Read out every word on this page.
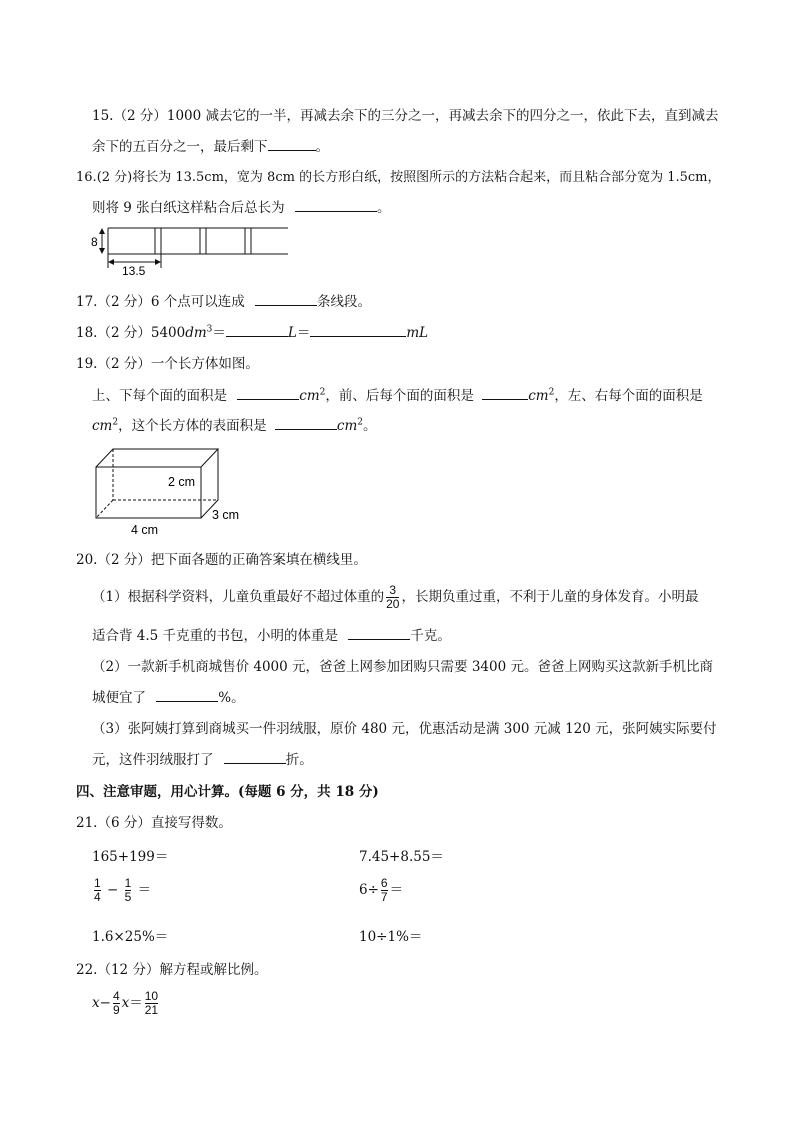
15.（2 分）1000 减去它的一半，再减去余下的三分之一，再减去余下的四分之一，依此下去，直到减去
余下的五百分之一，最后剩下	。
16.(2 分)将长为 13.5cm，宽为 8cm 的长方形白纸，按照图所示的方法粘合起来，而且粘合部分宽为 1.5cm，
则将 9 张白纸这样粘合后总长为	。
8
13.5
17.（2 分）6 个点可以连成	条线段。
18.（2 分）$5400dm^3=$	L＝	mL
19.（2 分）一个长方体如图。
上、下每个面的面积是	$cm^2$，前、后每个面的面积是	$cm^2$，左、右每个面的面积是
$cm^2$，这个长方体的表面积是	$cm^2$。
2 cm
3 cm
4 cm
20.（2 分）把下面各题的正确答案填在横线里。
（1）根据科学资料，儿童负重最好不超过体重的 $\frac{3}{20}$ ，长期负重过重，不利于儿童的身体发育。小明最
适合背 4.5 千克重的书包，小明的体重是	千克。
（2）一款新手机商城售价 4000 元，爸爸上网参加团购只需要 3400 元。爸爸上网购买这款新手机比商
城便宜了	%。
（3）张阿姨打算到商城买一件羽绒服，原价 480 元，优惠活动是满 300 元减 120 元，张阿姨实际要付
元，这件羽绒服打了	折。
四、注意审题，用心计算。(每题 6 分，共 18 分)
21.（6 分）直接写得数。
165+199＝	7.45+8.55＝
$\frac{1}{4} - \frac{1}{5}$ ＝	$6\div \frac{6}{7}$ ＝
1.6×25%＝	10÷1%＝
22.（12 分）解方程或解比例。
$x- \frac{4}{9} x= \frac{10}{21}$
